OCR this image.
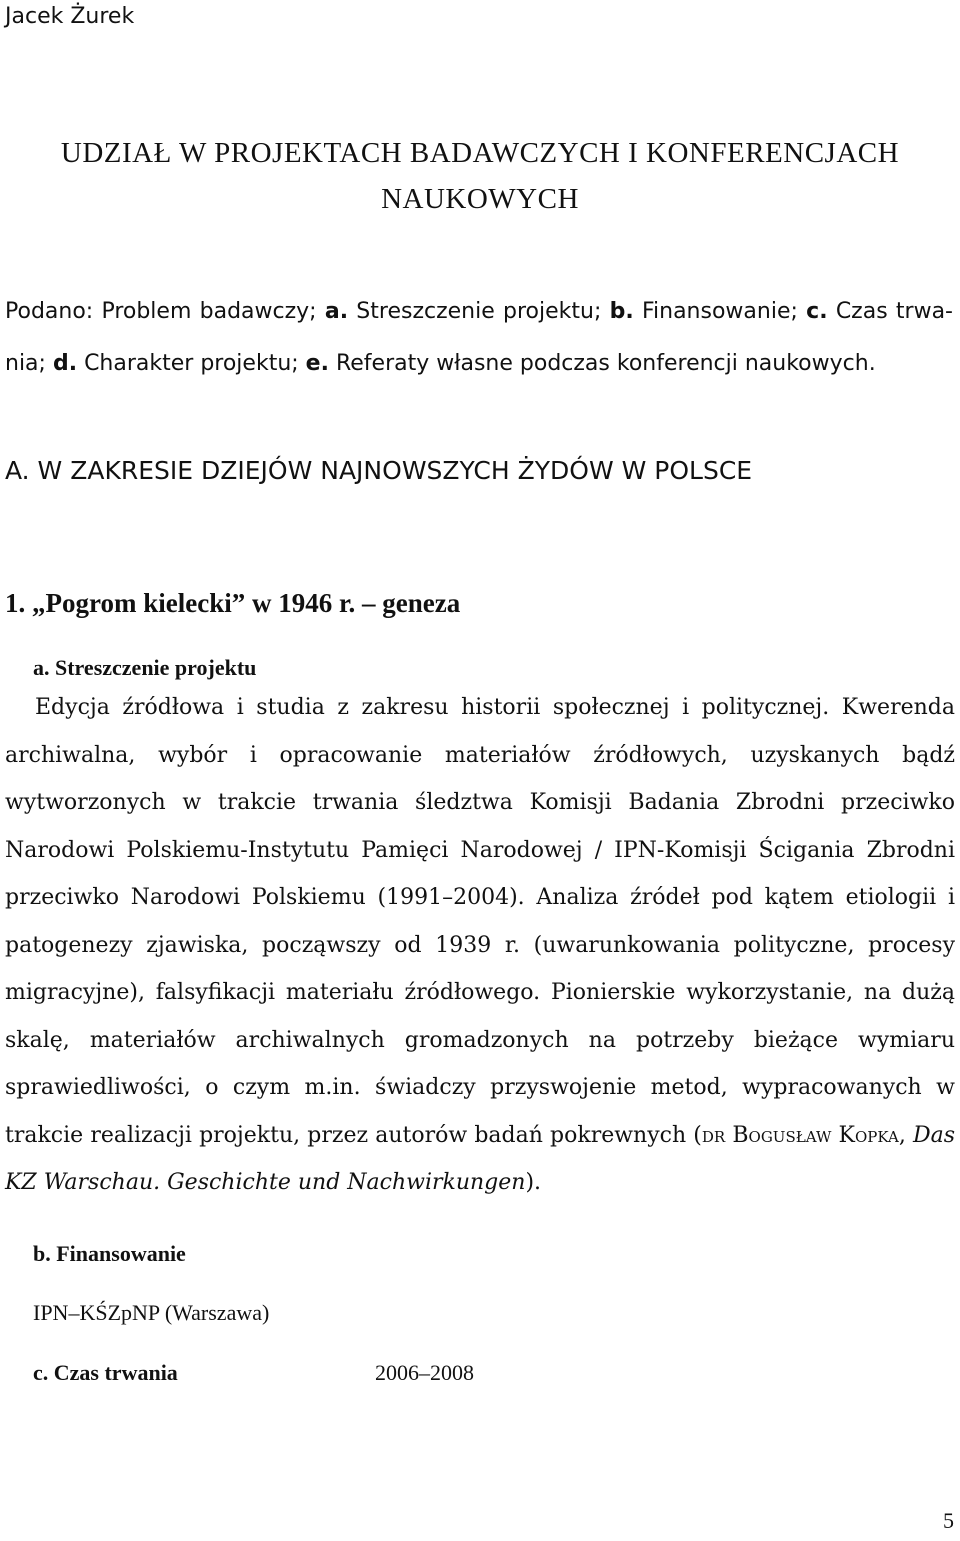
Jacek Żurek
UDZIAŁ W PROJEKTACH BADAWCZYCH I KONFERENCJACH
NAUKOWYCH
Podano: Problem badawczy; a. Streszczenie projektu; b. Finansowanie; c. Czas trwa-nia; d. Charakter projektu; e. Referaty własne podczas konferencji naukowych.
A. W ZAKRESIE DZIEJÓW NAJNOWSZYCH ŻYDÓW W POLSCE
1. „Pogrom kielecki” w 1946 r. – geneza
a. Streszczenie projektu
Edycja źródłowa i studia z zakresu historii społecznej i politycznej. Kwerenda archiwalna, wybór i opracowanie materiałów źródłowych, uzyskanych bądź wytworzonych w trakcie trwania śledztwa Komisji Badania Zbrodni przeciwko Narodowi Polskiemu-Instytutu Pamięci Narodowej / IPN-Komisji Ścigania Zbrodni przeciwko Narodowi Polskiemu (1991–2004). Analiza źródeł pod kątem etiologii i patogenezy zjawiska, począwszy od 1939 r. (uwarunkowania polityczne, procesy migracyjne), falsyfikacji materiału źródłowego. Pionierskie wykorzystanie, na dużą skalę, materiałów archiwalnych gromadzonych na potrzeby bieżące wymiaru sprawiedliwości, o czym m.in. świadczy przyswojenie metod, wypracowanych w trakcie realizacji projektu, przez autorów badań pokrewnych (dr Bogusław Kopka, Das KZ Warschau. Geschichte und Nachwirkungen).
b. Finansowanie
IPN–KŚZpNP (Warszawa)
c. Czas trwania	2006–2008
5
